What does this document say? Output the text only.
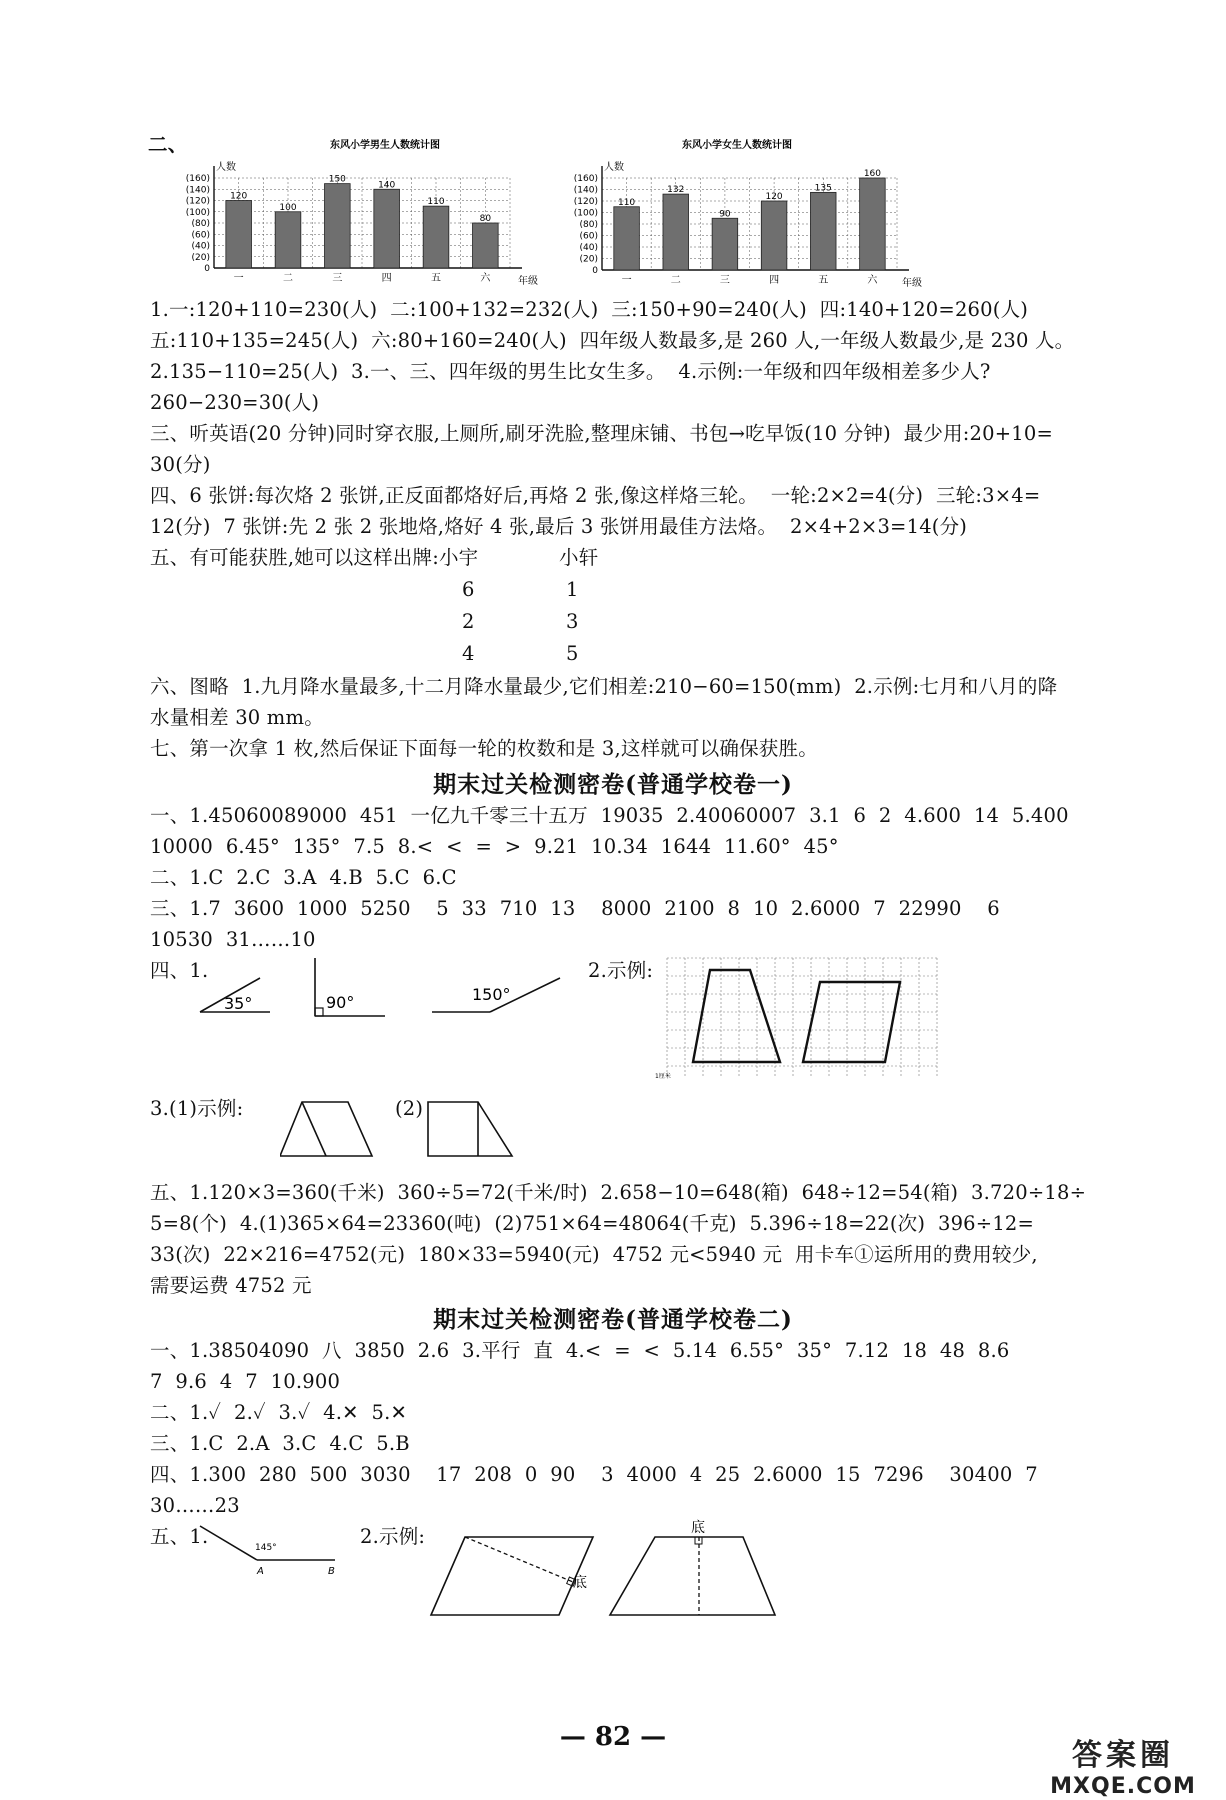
二、	东风小学男生人数统计图
人数
(160)
(140)
(120)
(100)
(80)
(60)
(40)
(20)
0
120
100
150
140
110
80
一	二	三	四	五	六	年级
东风小学女生人数统计图
人数
(160)
(140)
(120)
(100)
(80)
(60)
(40)
(20)
0
110
132
90
120
135
160
一	二	三	四	五	六 年级
1.一:120+110=230(人)  二:100+132=232(人)  三:150+90=240(人)  四:140+120=260(人)
五:110+135=245(人)  六:80+160=240(人)  四年级人数最多,是 260 人,一年级人数最少,是 230 人。
2.135−110=25(人)  3.一、三、四年级的男生比女生多。  4.示例:一年级和四年级相差多少人?
260−230=30(人)
三、听英语(20 分钟)同时穿衣服,上厕所,刷牙洗脸,整理床铺、书包→吃早饭(10 分钟)  最少用:20+10=
30(分)
四、6 张饼:每次烙 2 张饼,正反面都烙好后,再烙 2 张,像这样烙三轮。  一轮:2×2=4(分)  三轮:3×4=
12(分)  7 张饼:先 2 张 2 张地烙,烙好 4 张,最后 3 张饼用最佳方法烙。  2×4+2×3=14(分)
五、有可能获胜,她可以这样出牌:小宇	小轩
6	1
2	3
4	5
六、图略  1.九月降水量最多,十二月降水量最少,它们相差:210−60=150(mm)  2.示例:七月和八月的降
水量相差 30 mm。
七、第一次拿 1 枚,然后保证下面每一轮的枚数和是 3,这样就可以确保获胜。
期末过关检测密卷(普通学校卷一)
一、1.45060089000  451  一亿九千零三十五万  19035  2.40060007  3.1  6  2  4.600  14  5.400
10000  6.45°  135°  7.5  8.<  <  =  >  9.21  10.34  1644  11.60°  45°
二、1.C  2.C  3.A  4.B  5.C  6.C
三、1.7  3600  1000  5250    5  33  710  13    8000  2100  8  10  2.6000  7  22990    6
10530  31……10
四、1.
35°	90°	150°
2.示例:
1厘米
3.(1)示例:	(2)
五、1.120×3=360(千米)  360÷5=72(千米/时)  2.658−10=648(箱)  648÷12=54(箱)  3.720÷18÷
5=8(个)  4.(1)365×64=23360(吨)  (2)751×64=48064(千克)  5.396÷18=22(次)  396÷12=
33(次)  22×216=4752(元)  180×33=5940(元)  4752 元<5940 元  用卡车①运所用的费用较少,
需要运费 4752 元
期末过关检测密卷(普通学校卷二)
一、1.38504090  八  3850  2.6  3.平行  直  4.<  =  <  5.14  6.55°  35°  7.12  18  48  8.6
7  9.6  4  7  10.900
二、1.✓  2.✓  3.✓  4.✕  5.✕
三、1.C  2.A  3.C  4.C  5.B
四、1.300  280  500  3030    17  208  0  90    3  4000  4  25  2.6000  15  7296    30400  7
30……23
五、1.	145°
A	B
2.示例:
底
底
— 82 —
答案圈
MXQE.COM
